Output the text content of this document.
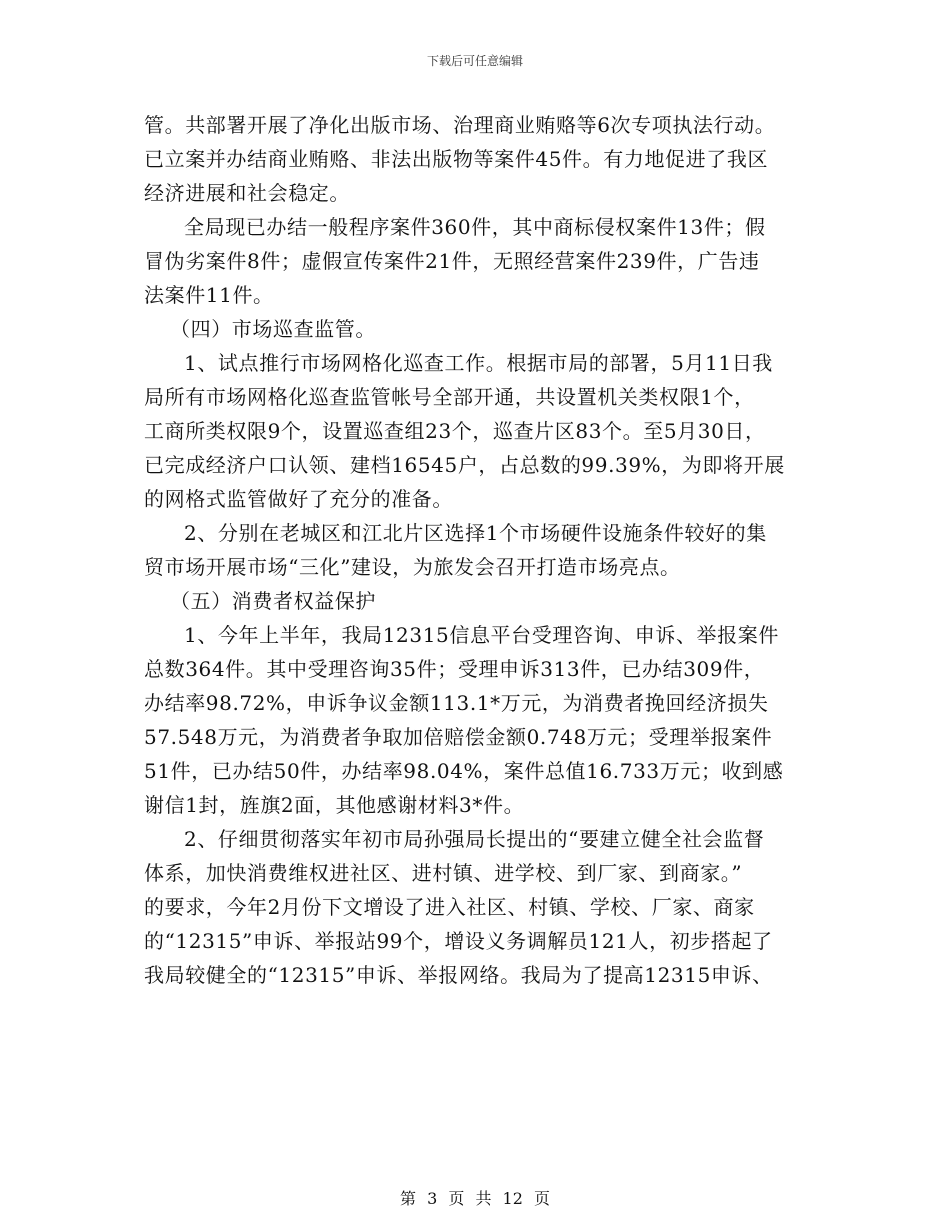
下载后可任意编辑
管。共部署开展了净化出版市场、治理商业贿赂等6次专项执法行动。
已立案并办结商业贿赂、非法出版物等案件45件。有力地促进了我区
经济进展和社会稳定。
全局现已办结一般程序案件360件，其中商标侵权案件13件；假
冒伪劣案件8件；虚假宣传案件21件，无照经营案件239件，广告违
法案件11件。
（四）市场巡查监管。
1、试点推行市场网格化巡查工作。根据市局的部署，5月11日我
局所有市场网格化巡查监管帐号全部开通，共设置机关类权限1个，
工商所类权限9个，设置巡查组23个，巡查片区83个。至5月30日，
已完成经济户口认领、建档16545户，占总数的99.39%，为即将开展
的网格式监管做好了充分的准备。
2、分别在老城区和江北片区选择1个市场硬件设施条件较好的集
贸市场开展市场“三化”建设，为旅发会召开打造市场亮点。
（五）消费者权益保护
1、今年上半年，我局12315信息平台受理咨询、申诉、举报案件
总数364件。其中受理咨询35件；受理申诉313件，已办结309件，
办结率98.72%，申诉争议金额113.1*万元，为消费者挽回经济损失
57.548万元，为消费者争取加倍赔偿金额0.748万元；受理举报案件
51件，已办结50件，办结率98.04%，案件总值16.733万元；收到感
谢信1封，旌旗2面，其他感谢材料3*件。
2、仔细贯彻落实年初市局孙强局长提出的“要建立健全社会监督
体系，加快消费维权进社区、进村镇、进学校、到厂家、到商家。”
的要求，今年2月份下文增设了进入社区、村镇、学校、厂家、商家
的“12315”申诉、举报站99个，增设义务调解员121人，初步搭起了
我局较健全的“12315”申诉、举报网络。我局为了提高12315申诉、
第 3 页 共 12 页
